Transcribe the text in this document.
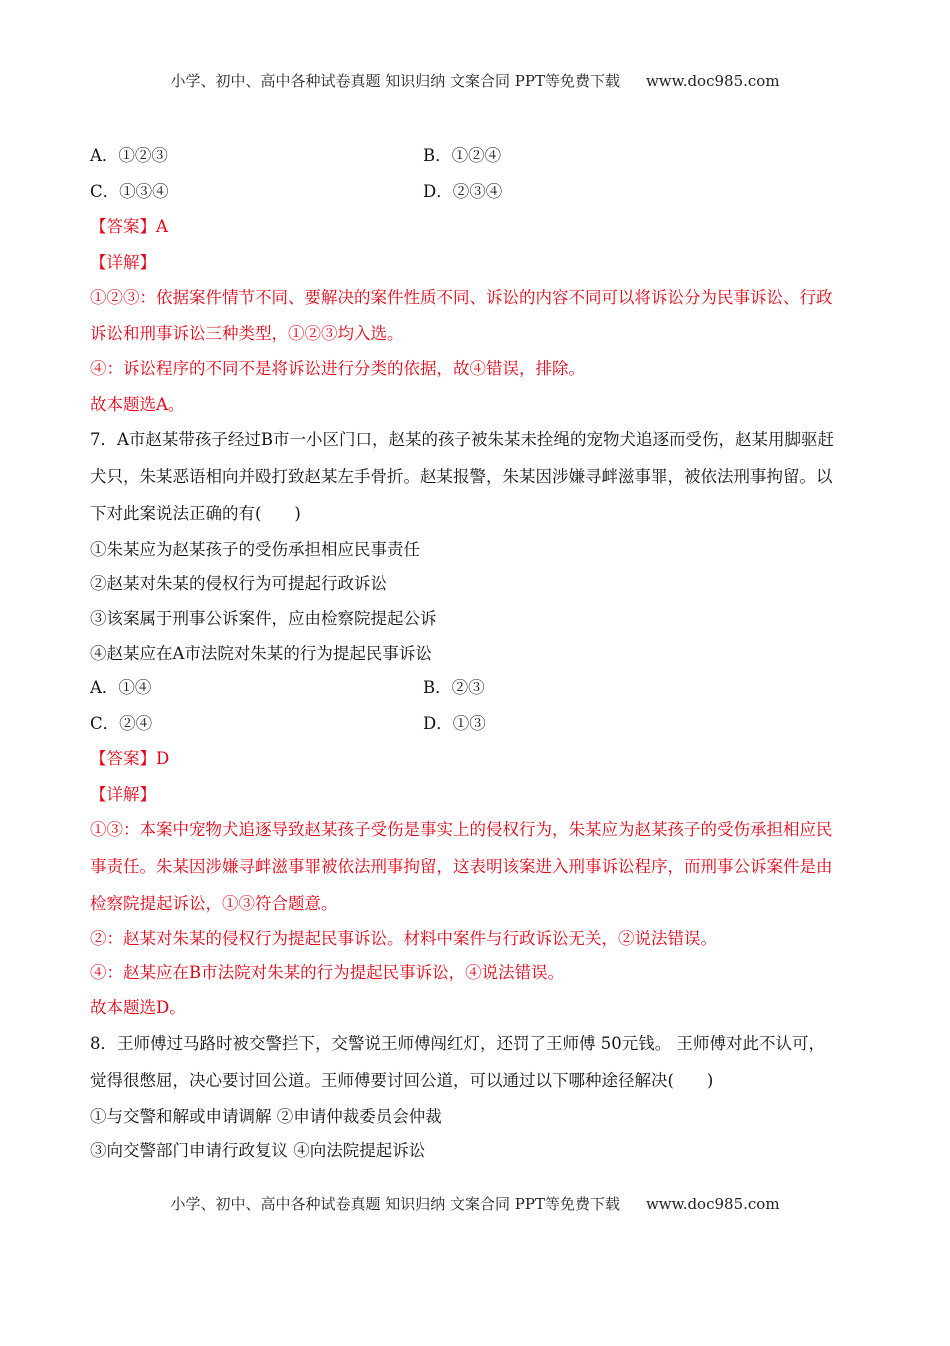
小学、初中、高中各种试卷真题 知识归纳 文案合同 PPT等免费下载 www.doc985.com
A．①②③	B．①②④
C．①③④	D．②③④
【答案】A
【详解】
①②③：依据案件情节不同、要解决的案件性质不同、诉讼的内容不同可以将诉讼分为民事诉讼、行政
诉讼和刑事诉讼三种类型，①②③均入选。
④：诉讼程序的不同不是将诉讼进行分类的依据，故④错误，排除。
故本题选A。
7．A市赵某带孩子经过B市一小区门口，赵某的孩子被朱某未拴绳的宠物犬追逐而受伤，赵某用脚驱赶
犬只，朱某恶语相向并殴打致赵某左手骨折。赵某报警，朱某因涉嫌寻衅滋事罪，被依法刑事拘留。以
下对此案说法正确的有(　　)
①朱某应为赵某孩子的受伤承担相应民事责任
②赵某对朱某的侵权行为可提起行政诉讼
③该案属于刑事公诉案件，应由检察院提起公诉
④赵某应在A市法院对朱某的行为提起民事诉讼
A．①④	B．②③
C．②④	D．①③
【答案】D
【详解】
①③：本案中宠物犬追逐导致赵某孩子受伤是事实上的侵权行为，朱某应为赵某孩子的受伤承担相应民
事责任。朱某因涉嫌寻衅滋事罪被依法刑事拘留，这表明该案进入刑事诉讼程序，而刑事公诉案件是由
检察院提起诉讼，①③符合题意。
②：赵某对朱某的侵权行为提起民事诉讼。材料中案件与行政诉讼无关，②说法错误。
④：赵某应在B市法院对朱某的行为提起民事诉讼，④说法错误。
故本题选D。
8．王师傅过马路时被交警拦下，交警说王师傅闯红灯，还罚了王师傅 50元钱。 王师傅对此不认可，
觉得很憋屈，决心要讨回公道。王师傅要讨回公道，可以通过以下哪种途径解决(　　)
①与交警和解或申请调解 ②申请仲裁委员会仲裁
③向交警部门申请行政复议 ④向法院提起诉讼
小学、初中、高中各种试卷真题 知识归纳 文案合同 PPT等免费下载 www.doc985.com
